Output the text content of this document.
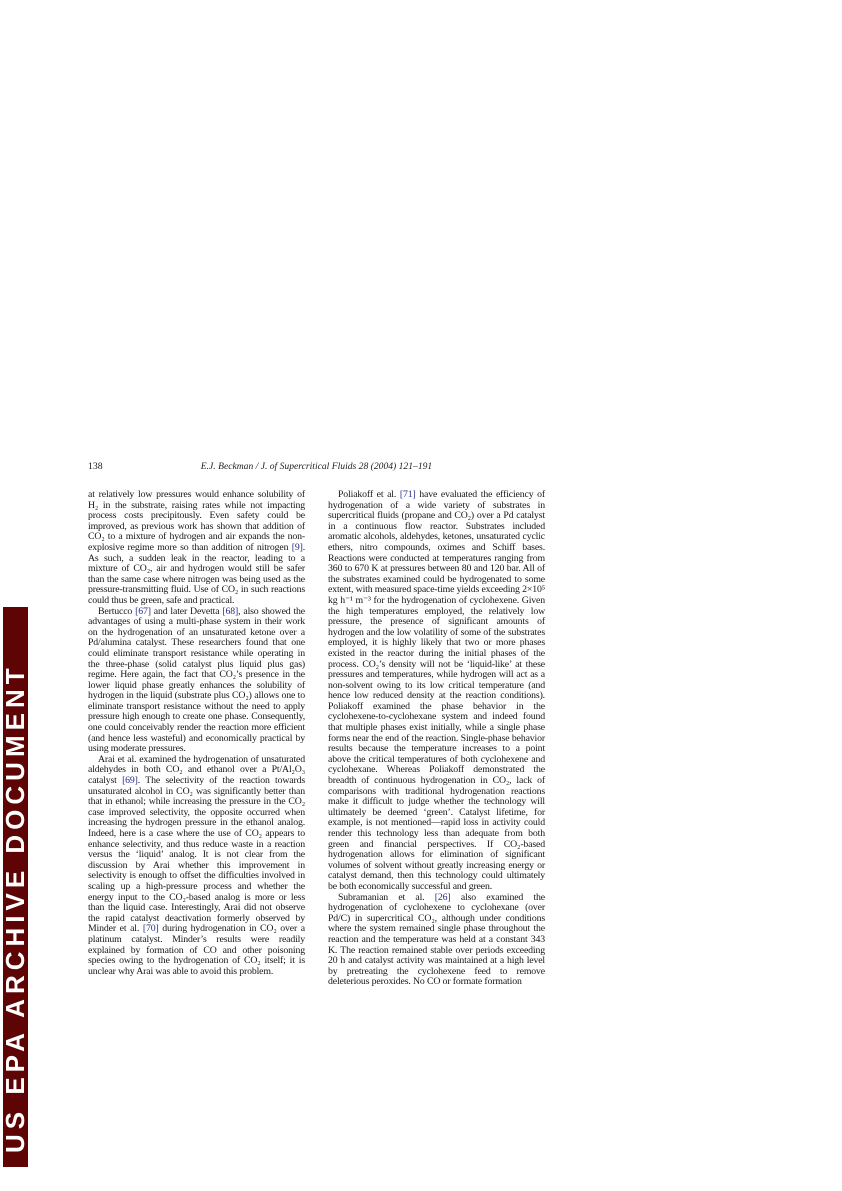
138	E.J. Beckman / J. of Supercritical Fluids 28 (2004) 121–191

at relatively low pressures would enhance solubility of H₂ in the substrate, raising rates while not impacting process costs precipitously. Even safety could be improved, as previous work has shown that addition of CO₂ to a mixture of hydrogen and air expands the non-explosive regime more so than addition of nitrogen [9]. As such, a sudden leak in the reactor, leading to a mixture of CO₂, air and hydrogen would still be safer than the same case where nitrogen was being used as the pressure-transmitting fluid. Use of CO₂ in such reactions could thus be green, safe and practical.

Bertucco [67] and later Devetta [68], also showed the advantages of using a multi-phase system in their work on the hydrogenation of an unsaturated ketone over a Pd/alumina catalyst. These researchers found that one could eliminate transport resistance while operating in the three-phase (solid catalyst plus liquid plus gas) regime. Here again, the fact that CO₂’s presence in the lower liquid phase greatly enhances the solubility of hydrogen in the liquid (substrate plus CO₂) allows one to eliminate transport resistance without the need to apply pressure high enough to create one phase. Consequently, one could conceivably render the reaction more efficient (and hence less wasteful) and economically practical by using moderate pressures.

Arai et al. examined the hydrogenation of unsaturated aldehydes in both CO₂ and ethanol over a Pt/Al₂O₃ catalyst [69]. The selectivity of the reaction towards unsaturated alcohol in CO₂ was significantly better than that in ethanol; while increasing the pressure in the CO₂ case improved selectivity, the opposite occurred when increasing the hydrogen pressure in the ethanol analog. Indeed, here is a case where the use of CO₂ appears to enhance selectivity, and thus reduce waste in a reaction versus the ‘liquid’ analog. It is not clear from the discussion by Arai whether this improvement in selectivity is enough to offset the difficulties involved in scaling up a high-pressure process and whether the energy input to the CO₂-based analog is more or less than the liquid case. Interestingly, Arai did not observe the rapid catalyst deactivation formerly observed by Minder et al. [70] during hydrogenation in CO₂ over a platinum catalyst. Minder’s results were readily explained by formation of CO and other poisoning species owing to the hydrogenation of CO₂ itself; it is unclear why Arai was able to avoid this problem.

Poliakoff et al. [71] have evaluated the efficiency of hydrogenation of a wide variety of substrates in supercritical fluids (propane and CO₂) over a Pd catalyst in a continuous flow reactor. Substrates included aromatic alcohols, aldehydes, ketones, unsaturated cyclic ethers, nitro compounds, oximes and Schiff bases. Reactions were conducted at temperatures ranging from 360 to 670 K at pressures between 80 and 120 bar. All of the substrates examined could be hydrogenated to some extent, with measured space-time yields exceeding 2×10⁵ kg h⁻¹ m⁻³ for the hydrogenation of cyclohexene. Given the high temperatures employed, the relatively low pressure, the presence of significant amounts of hydrogen and the low volatility of some of the substrates employed, it is highly likely that two or more phases existed in the reactor during the initial phases of the process. CO₂’s density will not be ‘liquid-like’ at these pressures and temperatures, while hydrogen will act as a non-solvent owing to its low critical temperature (and hence low reduced density at the reaction conditions). Poliakoff examined the phase behavior in the cyclohexene-to-cyclohexane system and indeed found that multiple phases exist initially, while a single phase forms near the end of the reaction. Single-phase behavior results because the temperature increases to a point above the critical temperatures of both cyclohexene and cyclohexane. Whereas Poliakoff demonstrated the breadth of continuous hydrogenation in CO₂, lack of comparisons with traditional hydrogenation reactions make it difficult to judge whether the technology will ultimately be deemed ‘green’. Catalyst lifetime, for example, is not mentioned—rapid loss in activity could render this technology less than adequate from both green and financial perspectives. If CO₂-based hydrogenation allows for elimination of significant volumes of solvent without greatly increasing energy or catalyst demand, then this technology could ultimately be both economically successful and green.

Subramanian et al. [26] also examined the hydrogenation of cyclohexene to cyclohexane (over Pd/C) in supercritical CO₂, although under conditions where the system remained single phase throughout the reaction and the temperature was held at a constant 343 K. The reaction remained stable over periods exceeding 20 h and catalyst activity was maintained at a high level by pretreating the cyclohexene feed to remove deleterious peroxides. No CO or formate formation

US EPA ARCHIVE DOCUMENT
